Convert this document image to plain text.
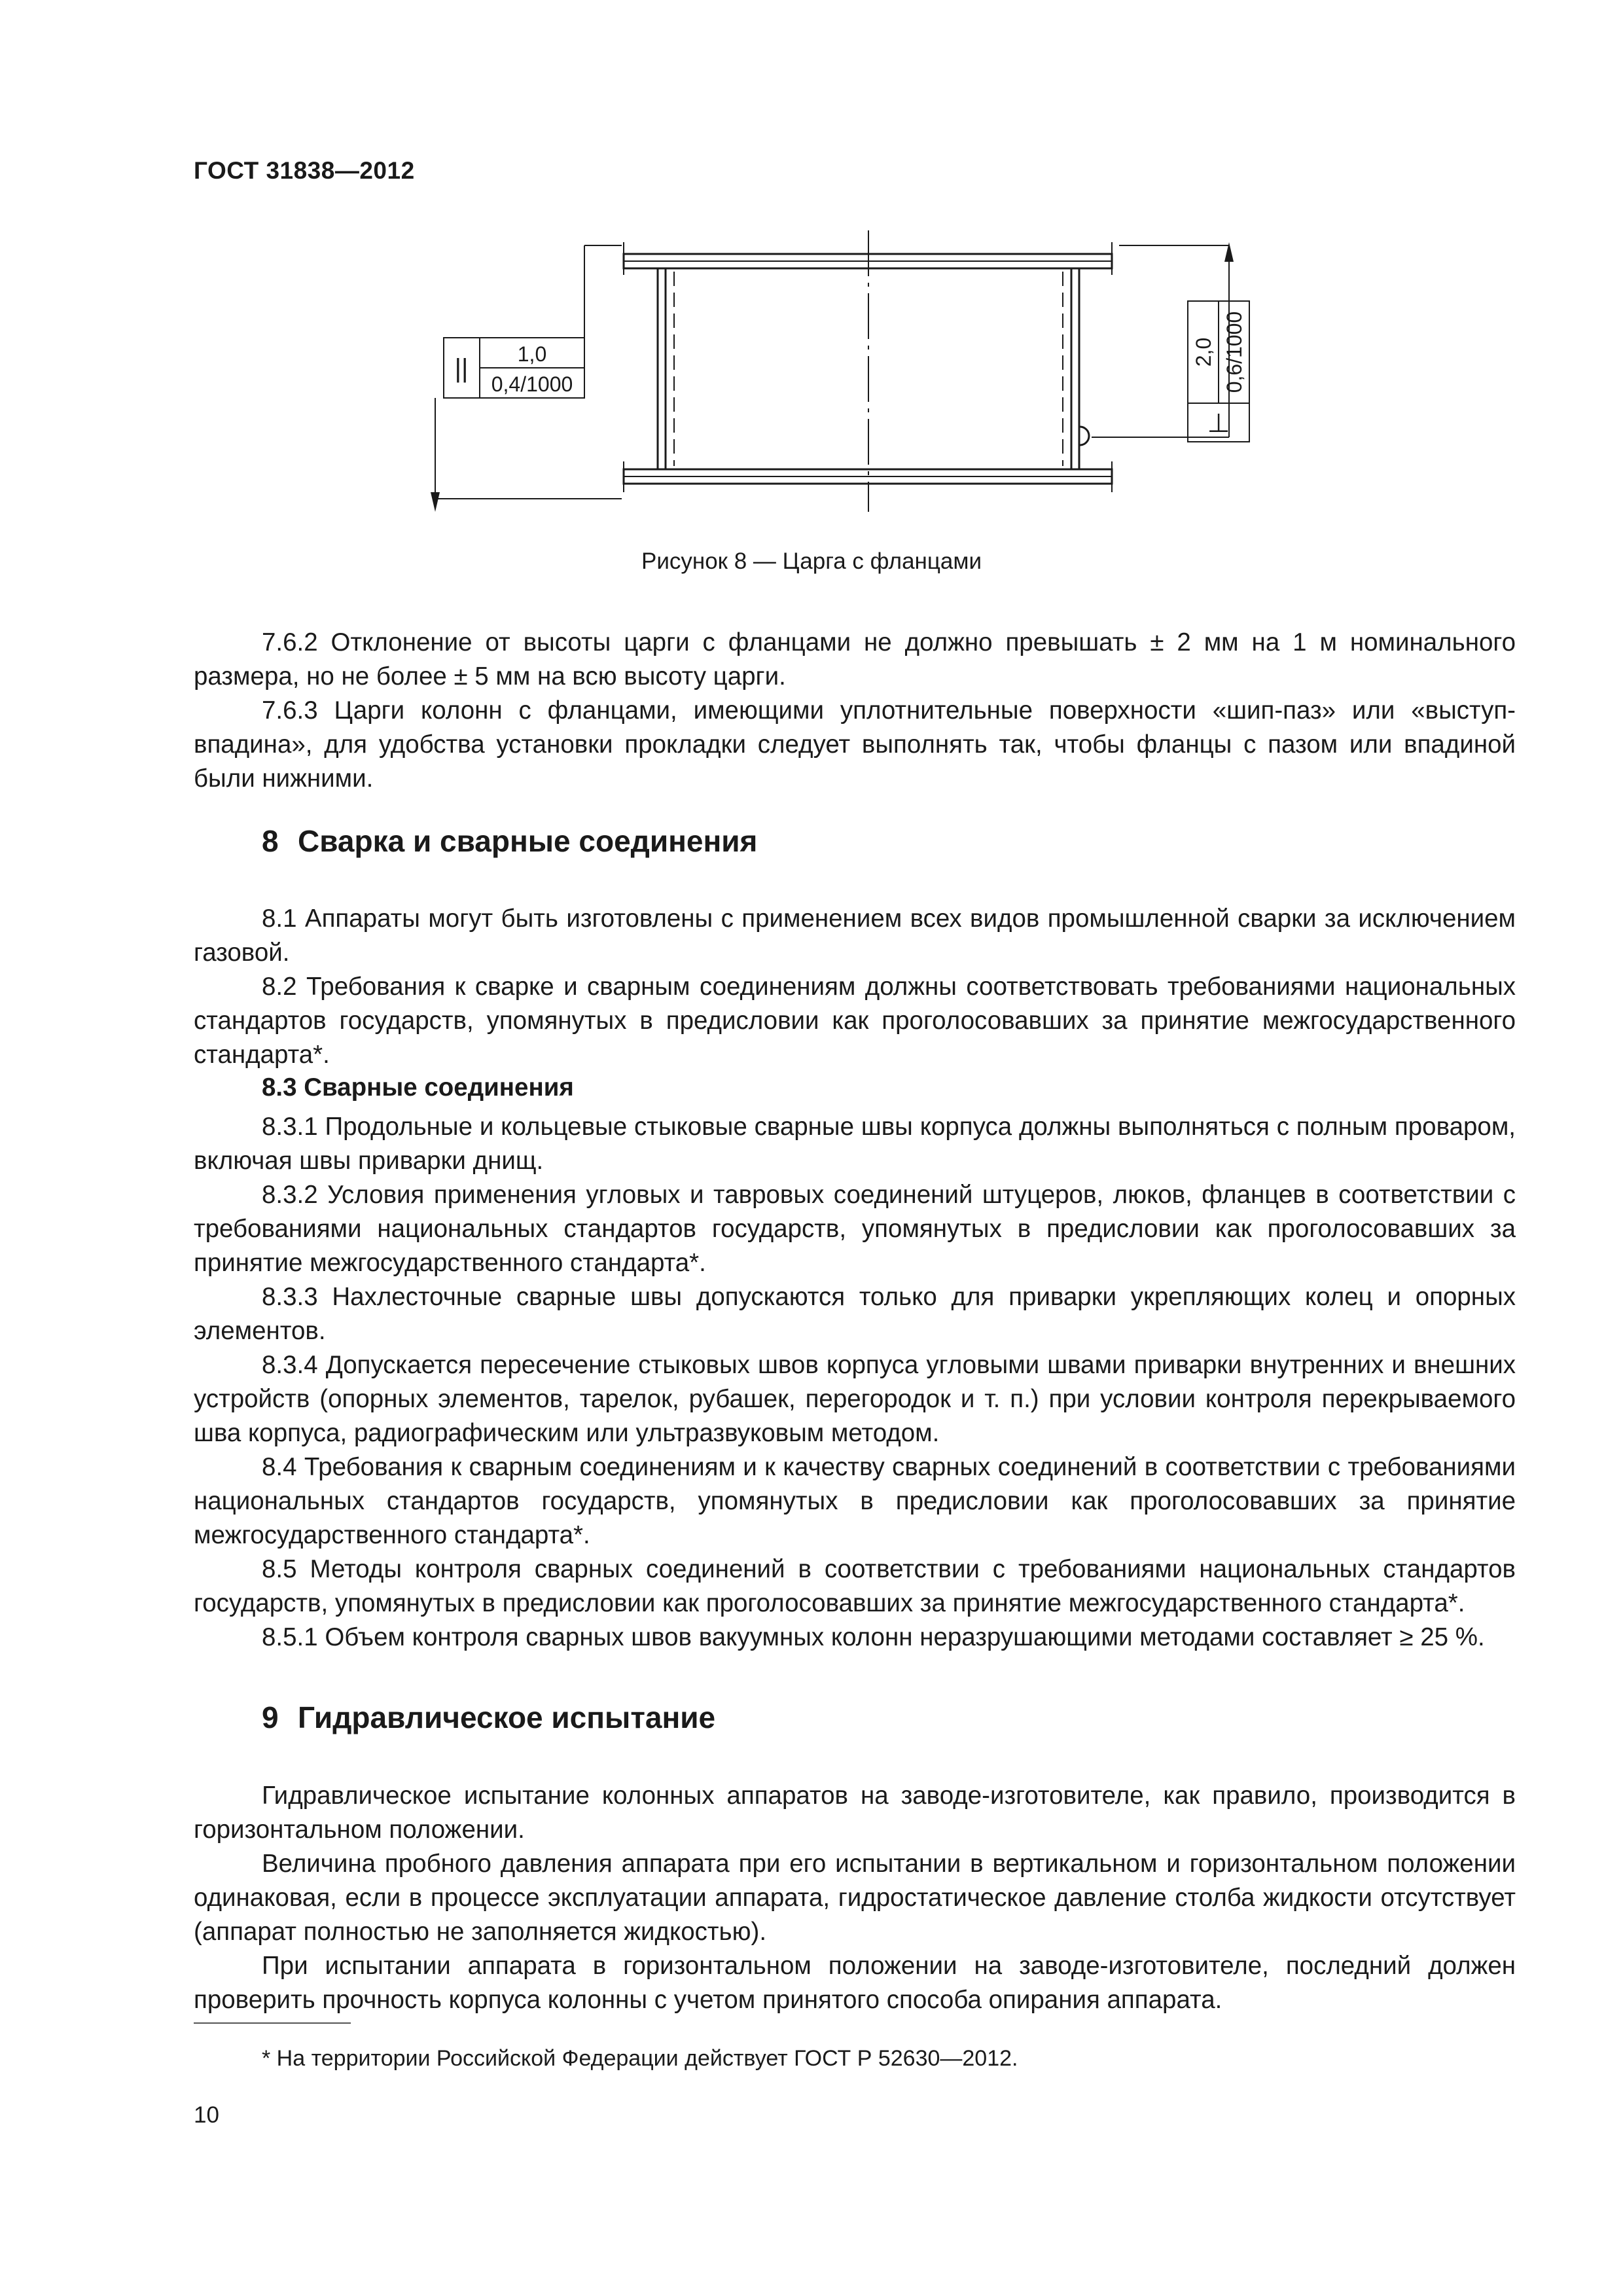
ГОСТ 31838—2012
|| 1,0
0,4/1000
⊥
2,0 0,6/1000
Рисунок 8 — Царга с фланцами

7.6.2 Отклонение от высоты царги с фланцами не должно превышать ± 2 мм на 1 м номинального размера, но не более ± 5 мм на всю высоту царги.

7.6.3 Царги колонн с фланцами, имеющими уплотнительные поверхности «шип-паз» или «выступ-впадина», для удобства установки прокладки следует выполнять так, чтобы фланцы с пазом или впадиной были нижними.

8 Сварка и сварные соединения

8.1 Аппараты могут быть изготовлены с применением всех видов промышленной сварки за исключением газовой.

8.2 Требования к сварке и сварным соединениям должны соответствовать требованиями национальных стандартов государств, упомянутых в предисловии как проголосовавших за принятие межгосударственного стандарта*.

8.3 Сварные соединения

8.3.1 Продольные и кольцевые стыковые сварные швы корпуса должны выполняться с полным проваром, включая швы приварки днищ.

8.3.2 Условия применения угловых и тавровых соединений штуцеров, люков, фланцев в соответствии с требованиями национальных стандартов государств, упомянутых в предисловии как проголосовавших за принятие межгосударственного стандарта*.

8.3.3 Нахлесточные сварные швы допускаются только для приварки укрепляющих колец и опорных элементов.

8.3.4 Допускается пересечение стыковых швов корпуса угловыми швами приварки внутренних и внешних устройств (опорных элементов, тарелок, рубашек, перегородок и т. п.) при условии контроля перекрываемого шва корпуса, радиографическим или ультразвуковым методом.

8.4 Требования к сварным соединениям и к качеству сварных соединений в соответствии с требованиями национальных стандартов государств, упомянутых в предисловии как проголосовавших за принятие межгосударственного стандарта*.

8.5 Методы контроля сварных соединений в соответствии с требованиями национальных стандартов государств, упомянутых в предисловии как проголосовавших за принятие межгосударственного стандарта*.

8.5.1 Объем контроля сварных швов вакуумных колонн неразрушающими методами составляет ≥ 25 %.

9 Гидравлическое испытание

Гидравлическое испытание колонных аппаратов на заводе-изготовителе, как правило, производится в горизонтальном положении.

Величина пробного давления аппарата при его испытании в вертикальном и горизонтальном положении одинаковая, если в процессе эксплуатации аппарата, гидростатическое давление столба жидкости отсутствует (аппарат полностью не заполняется жидкостью).

При испытании аппарата в горизонтальном положении на заводе-изготовителе, последний должен проверить прочность корпуса колонны с учетом принятого способа опирания аппарата.

* На территории Российской Федерации действует ГОСТ Р 52630—2012.
10
